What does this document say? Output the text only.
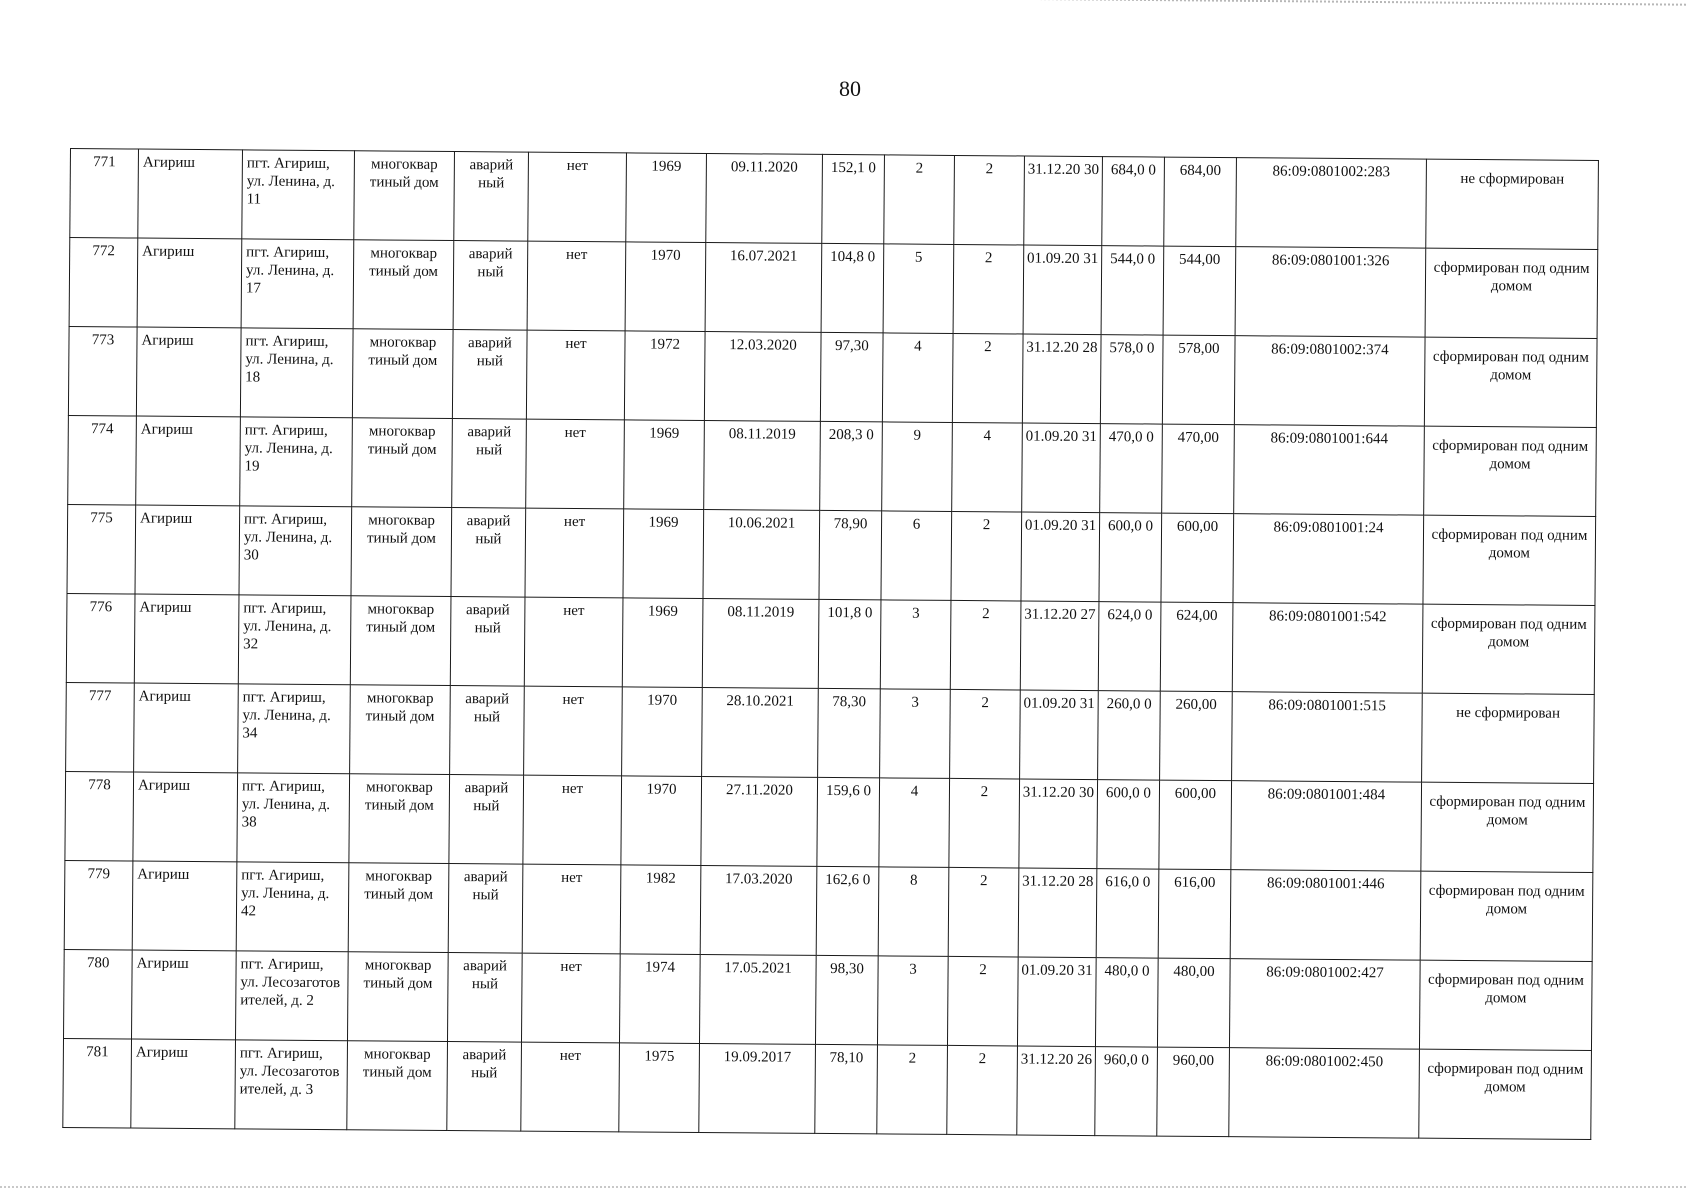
80
771	Агириш	пгт. Агириш, ул. Ленина, д. 11	многоквар тиный дом	аварий ный	нет	1969	09.11.2020	152,1 0	2	2	31.12.20 30	684,0 0	684,00	86:09:0801002:283	не сформирован
772	Агириш	пгт. Агириш, ул. Ленина, д. 17	многоквар тиный дом	аварий ный	нет	1970	16.07.2021	104,8 0	5	2	01.09.20 31	544,0 0	544,00	86:09:0801001:326	сформирован под одним домом
773	Агириш	пгт. Агириш, ул. Ленина, д. 18	многоквар тиный дом	аварий ный	нет	1972	12.03.2020	97,30	4	2	31.12.20 28	578,0 0	578,00	86:09:0801002:374	сформирован под одним домом
774	Агириш	пгт. Агириш, ул. Ленина, д. 19	многоквар тиный дом	аварий ный	нет	1969	08.11.2019	208,3 0	9	4	01.09.20 31	470,0 0	470,00	86:09:0801001:644	сформирован под одним домом
775	Агириш	пгт. Агириш, ул. Ленина, д. 30	многоквар тиный дом	аварий ный	нет	1969	10.06.2021	78,90	6	2	01.09.20 31	600,0 0	600,00	86:09:0801001:24	сформирован под одним домом
776	Агириш	пгт. Агириш, ул. Ленина, д. 32	многоквар тиный дом	аварий ный	нет	1969	08.11.2019	101,8 0	3	2	31.12.20 27	624,0 0	624,00	86:09:0801001:542	сформирован под одним домом
777	Агириш	пгт. Агириш, ул. Ленина, д. 34	многоквар тиный дом	аварий ный	нет	1970	28.10.2021	78,30	3	2	01.09.20 31	260,0 0	260,00	86:09:0801001:515	не сформирован
778	Агириш	пгт. Агириш, ул. Ленина, д. 38	многоквар тиный дом	аварий ный	нет	1970	27.11.2020	159,6 0	4	2	31.12.20 30	600,0 0	600,00	86:09:0801001:484	сформирован под одним домом
779	Агириш	пгт. Агириш, ул. Ленина, д. 42	многоквар тиный дом	аварий ный	нет	1982	17.03.2020	162,6 0	8	2	31.12.20 28	616,0 0	616,00	86:09:0801001:446	сформирован под одним домом
780	Агириш	пгт. Агириш, ул. Лесозаготов ителей, д. 2	многоквар тиный дом	аварий ный	нет	1974	17.05.2021	98,30	3	2	01.09.20 31	480,0 0	480,00	86:09:0801002:427	сформирован под одним домом
781	Агириш	пгт. Агириш, ул. Лесозаготов ителей, д. 3	многоквар тиный дом	аварий ный	нет	1975	19.09.2017	78,10	2	2	31.12.20 26	960,0 0	960,00	86:09:0801002:450	сформирован под одним домом
